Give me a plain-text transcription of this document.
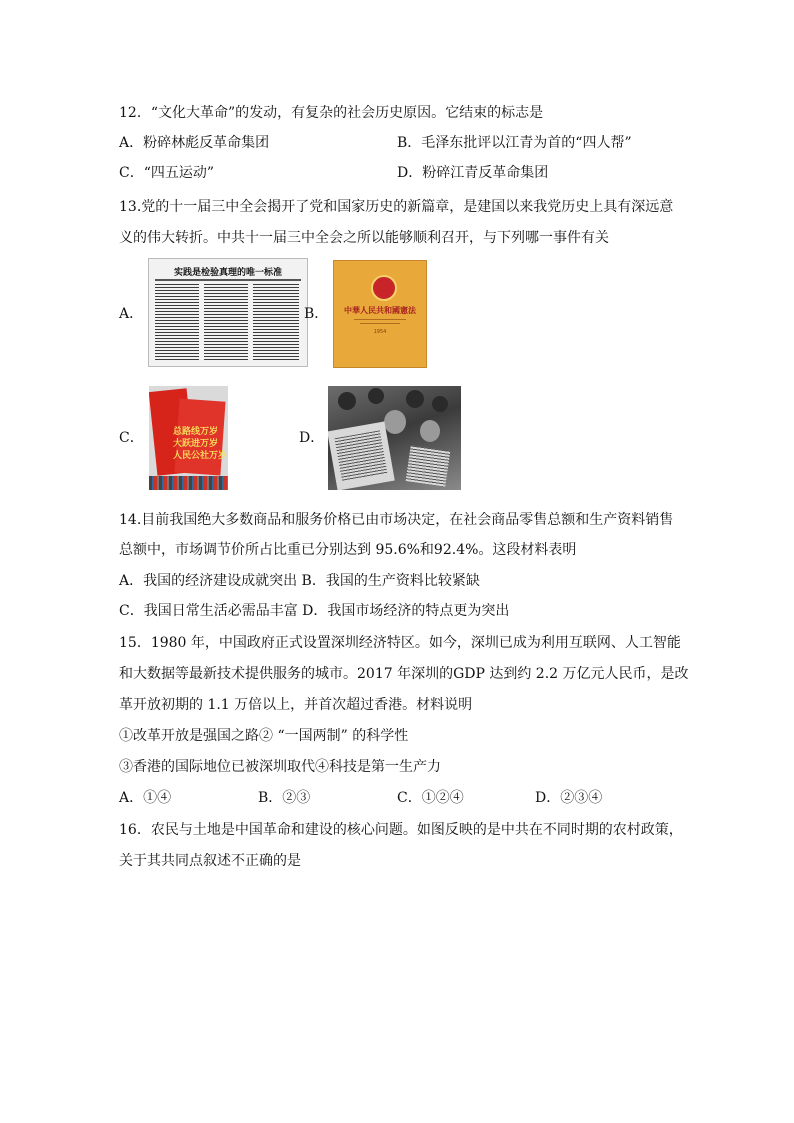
12．“文化大革命”的发动，有复杂的社会历史原因。它结束的标志是
A．粉碎林彪反革命集团	B．毛泽东批评以江青为首的“四人帮”
C．“四五运动”	D．粉碎江青反革命集团
13.党的十一届三中全会揭开了党和国家历史的新篇章，是建国以来我党历史上具有深远意
义的伟大转折。中共十一届三中全会之所以能够顺利召开，与下列哪一事件有关
A．
实践是检验真理的唯一标准
B．	中華人民共和國憲法
1954
C．	总路线万岁
大跃进万岁
人民公社万岁
D．
14.目前我国绝大多数商品和服务价格已由市场决定，在社会商品零售总额和生产资料销售
总额中，市场调节价所占比重已分别达到 95.6%和92.4%。这段材料表明
A．我国的经济建设成就突出 B．我国的生产资料比较紧缺
C．我国日常生活必需品丰富 D．我国市场经济的特点更为突出
15．1980 年，中国政府正式设置深圳经济特区。如今，深圳已成为利用互联网、人工智能
和大数据等最新技术提供服务的城市。2017 年深圳的GDP 达到约 2.2 万亿元人民币，是改
革开放初期的 1.1 万倍以上，并首次超过香港。材料说明
①改革开放是强国之路② “一国两制” 的科学性
③香港的国际地位已被深圳取代④科技是第一生产力
A．①④	B．②③	C．①②④	D．②③④
16．农民与土地是中国革命和建设的核心问题。如图反映的是中共在不同时期的农村政策，
关于其共同点叙述不正确的是
